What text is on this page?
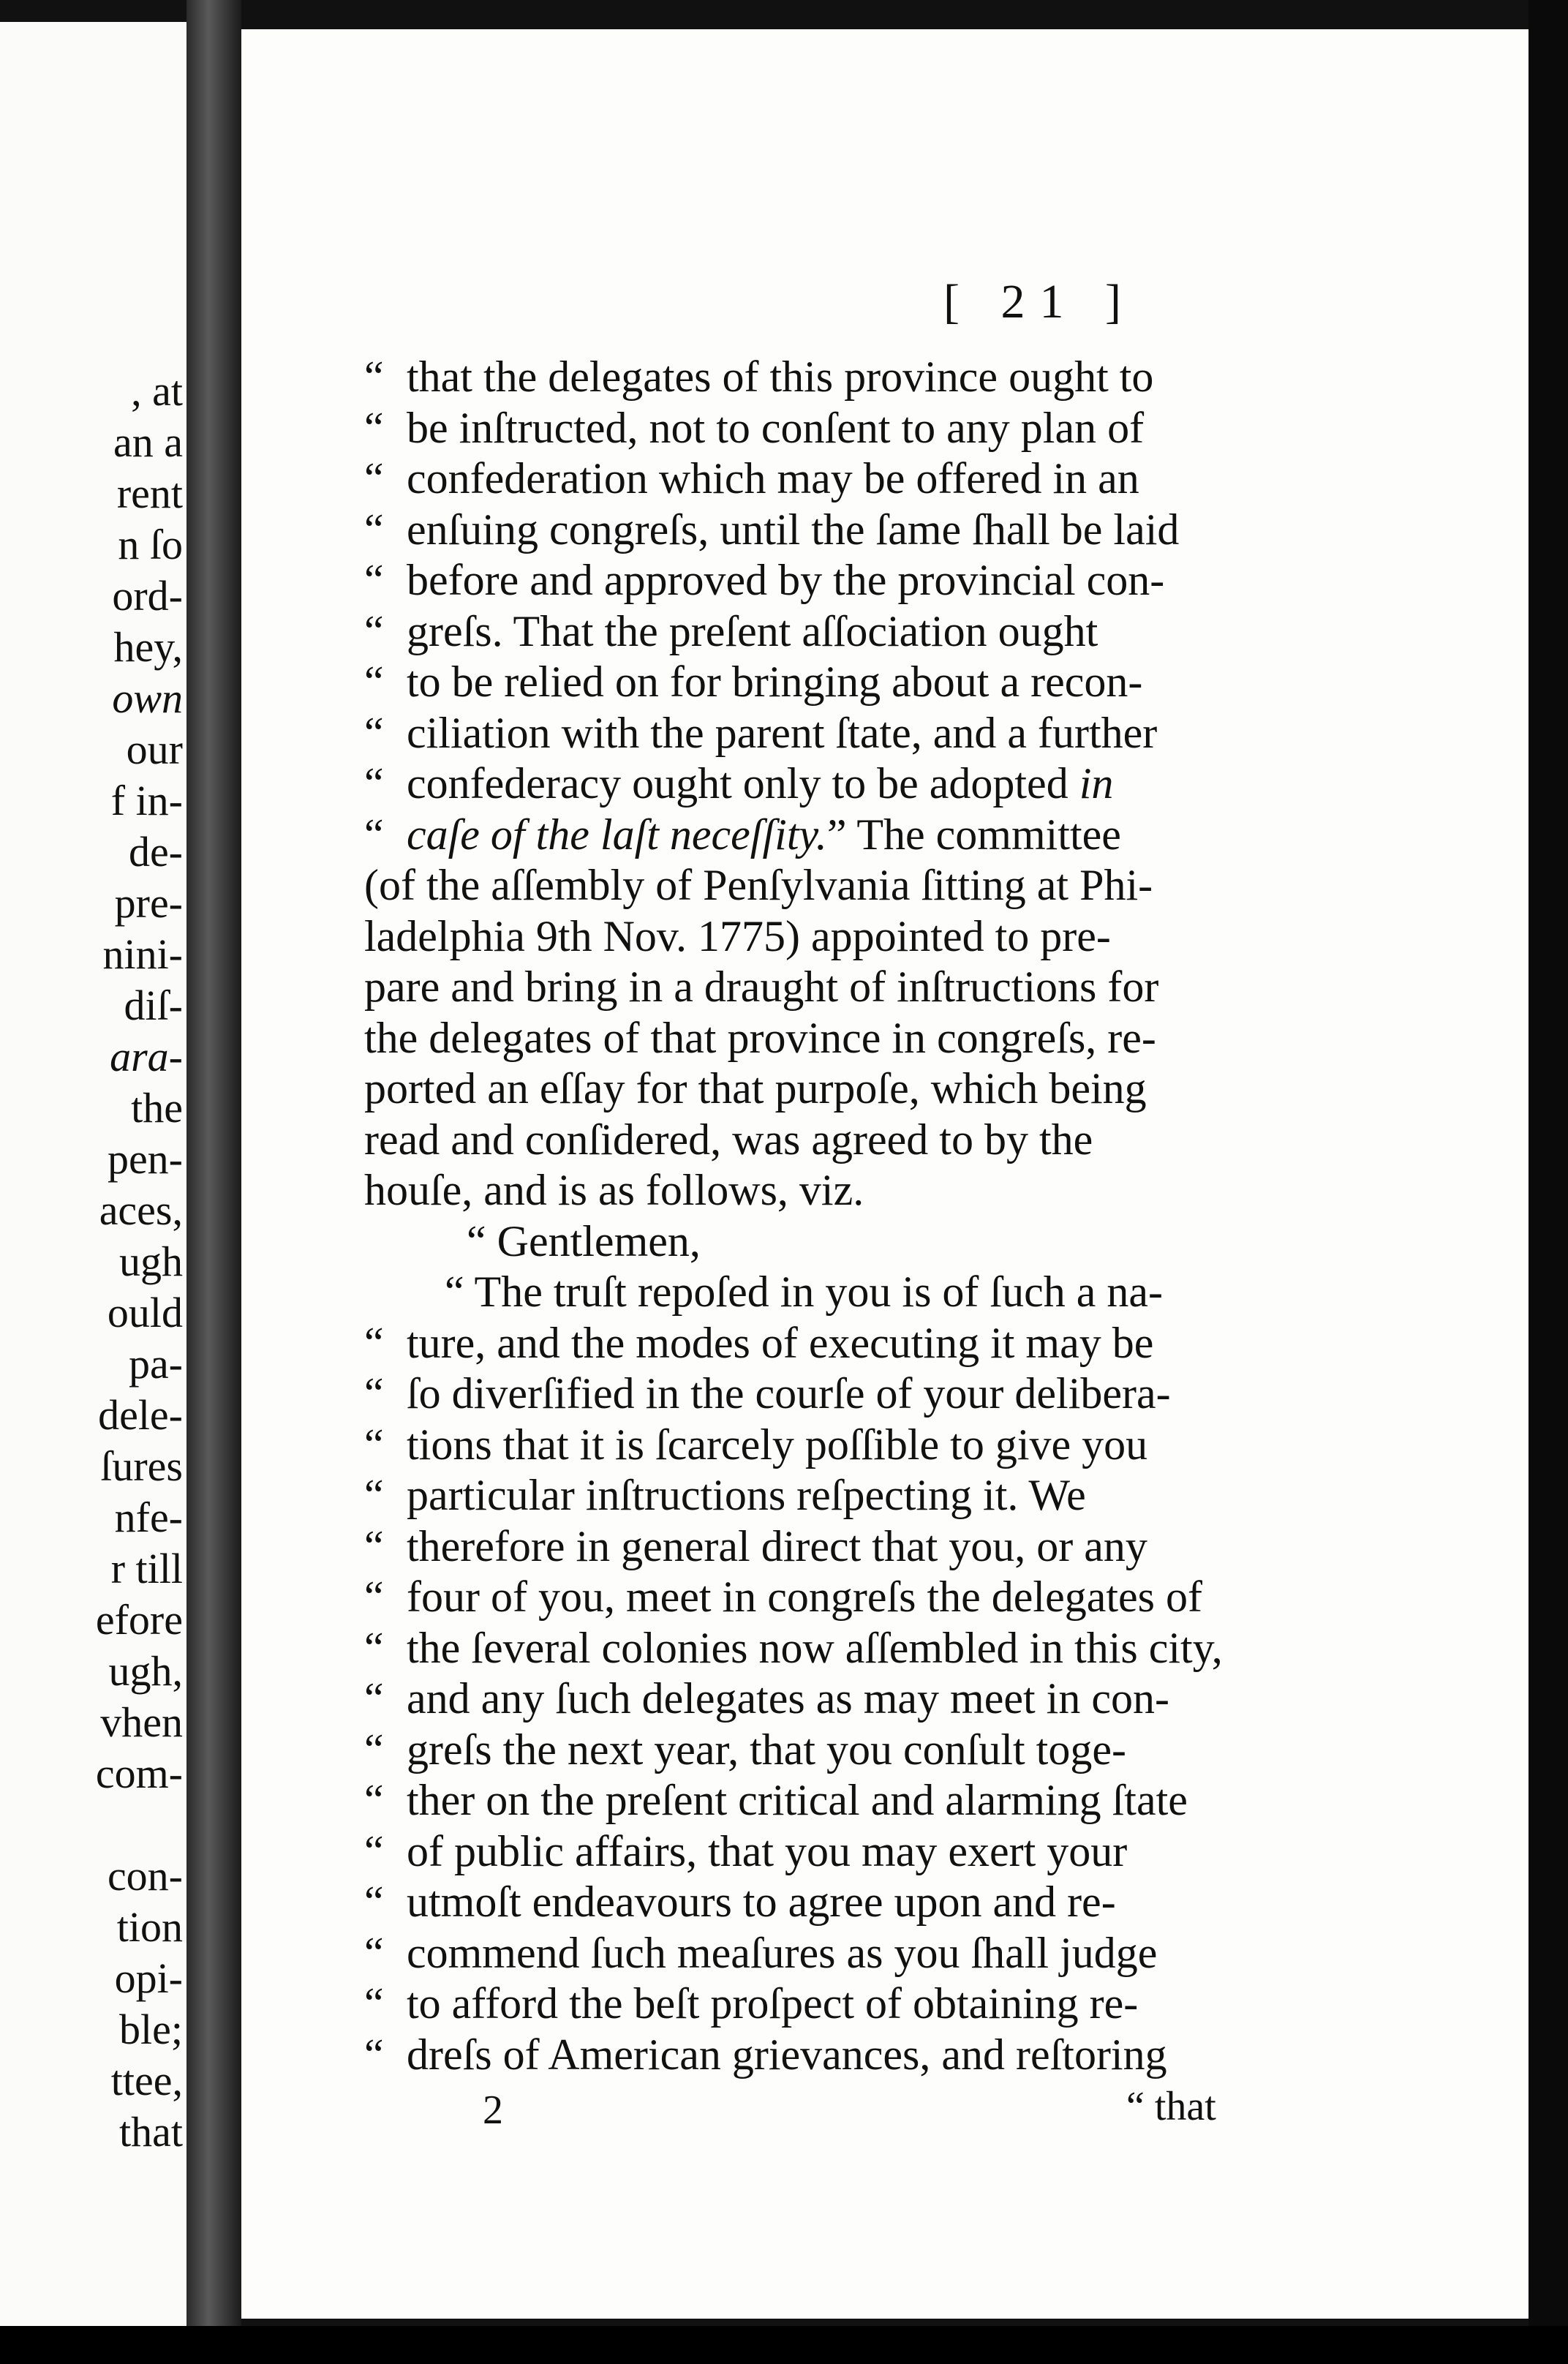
, at
an a
rent
n ſo
ord-
hey,
own
our
f in-
de-
pre-
nini-
diſ-
ara-
the
pen-
aces,
ugh
ould
pa-
dele-
ſures
nfe-
r till
efore
ugh,
vhen
com-
con-
tion
opi-
ble;
ttee,
that
[ 21 ]
“ that the delegates of this province ought to
“ be inſtructed, not to conſent to any plan of
“ confederation which may be offered in an
“ enſuing congreſs, until the ſame ſhall be laid
“ before and approved by the provincial con-
“ greſs. That the preſent aſſociation ought
“ to be relied on for bringing about a recon-
“ ciliation with the parent ſtate, and a further
“ confederacy ought only to be adopted in
“ caſe of the laſt neceſſity.” The committee
(of the aſſembly of Penſylvania ſitting at Phi-
ladelphia 9th Nov. 1775) appointed to pre-
pare and bring in a draught of inſtructions for
the delegates of that province in congreſs, re-
ported an eſſay for that purpoſe, which being
read and conſidered, was agreed to by the
houſe, and is as follows, viz.
“ Gentlemen,
“ The truſt repoſed in you is of ſuch a na-
“ ture, and the modes of executing it may be
“ ſo diverſified in the courſe of your delibera-
“ tions that it is ſcarcely poſſible to give you
“ particular inſtructions reſpecting it. We
“ therefore in general direct that you, or any
“ four of you, meet in congreſs the delegates of
“ the ſeveral colonies now aſſembled in this city,
“ and any ſuch delegates as may meet in con-
“ greſs the next year, that you conſult toge-
“ ther on the preſent critical and alarming ſtate
“ of public affairs, that you may exert your
“ utmoſt endeavours to agree upon and re-
“ commend ſuch meaſures as you ſhall judge
“ to afford the beſt proſpect of obtaining re-
“ dreſs of American grievances, and reſtoring
2	“ that
